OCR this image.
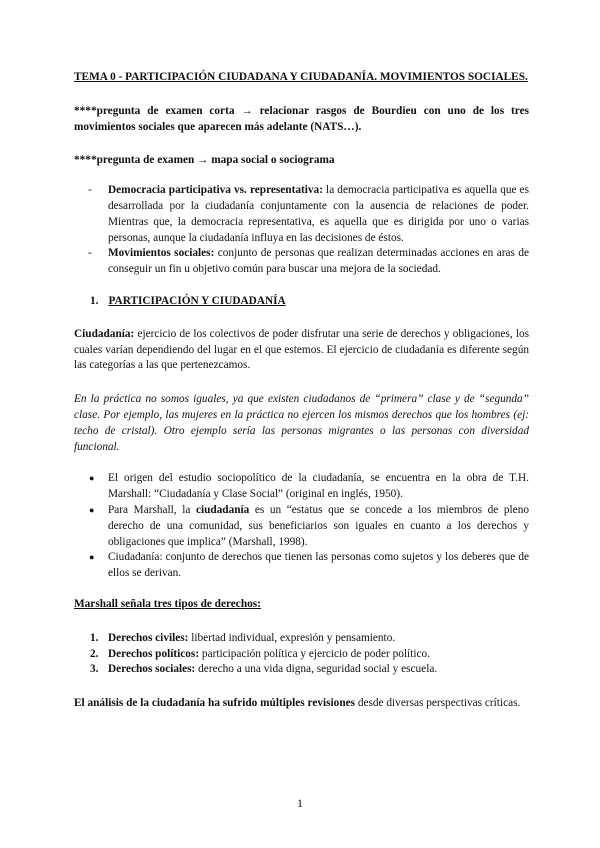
TEMA 0 - PARTICIPACIÓN CIUDADANA Y CIUDADANÍA. MOVIMIENTOS SOCIALES.

****pregunta de examen corta → relacionar rasgos de Bourdieu con uno de los tres movimientos sociales que aparecen más adelante (NATS…).

****pregunta de examen → mapa social o sociograma

- Democracia participativa vs. representativa: la democracia participativa es aquella que es desarrollada por la ciudadanía conjuntamente con la ausencia de relaciones de poder. Mientras que, la democracia representativa, es aquella que es dirigida por uno o varias personas, aunque la ciudadanía influya en las decisiones de éstos.
- Movimientos sociales: conjunto de personas que realizan determinadas acciones en aras de conseguir un fin u objetivo común para buscar una mejora de la sociedad.

1. PARTICIPACIÓN Y CIUDADANÍA

Ciudadanía: ejercicio de los colectivos de poder disfrutar una serie de derechos y obligaciones, los cuales varían dependiendo del lugar en el que estemos. El ejercicio de ciudadanía es diferente según las categorías a las que pertenezcamos.

En la práctica no somos iguales, ya que existen ciudadanos de “primera” clase y de “segunda” clase. Por ejemplo, las mujeres en la práctica no ejercen los mismos derechos que los hombres (ej: techo de cristal). Otro ejemplo sería las personas migrantes o las personas con diversidad funcional.

● El origen del estudio sociopolítico de la ciudadanía, se encuentra en la obra de T.H. Marshall: “Ciudadanía y Clase Social” (original en inglés, 1950).
● Para Marshall, la ciudadanía es un “estatus que se concede a los miembros de pleno derecho de una comunidad, sus beneficiarios son iguales en cuanto a los derechos y obligaciones que implica” (Marshall, 1998).
● Ciudadanía: conjunto de derechos que tienen las personas como sujetos y los deberes que de ellos se derivan.

Marshall señala tres tipos de derechos:

1. Derechos civiles: libertad individual, expresión y pensamiento.
2. Derechos políticos: participación política y ejercicio de poder político.
3. Derechos sociales: derecho a una vida digna, seguridad social y escuela.

El análisis de la ciudadanía ha sufrido múltiples revisiones desde diversas perspectivas críticas.

1
